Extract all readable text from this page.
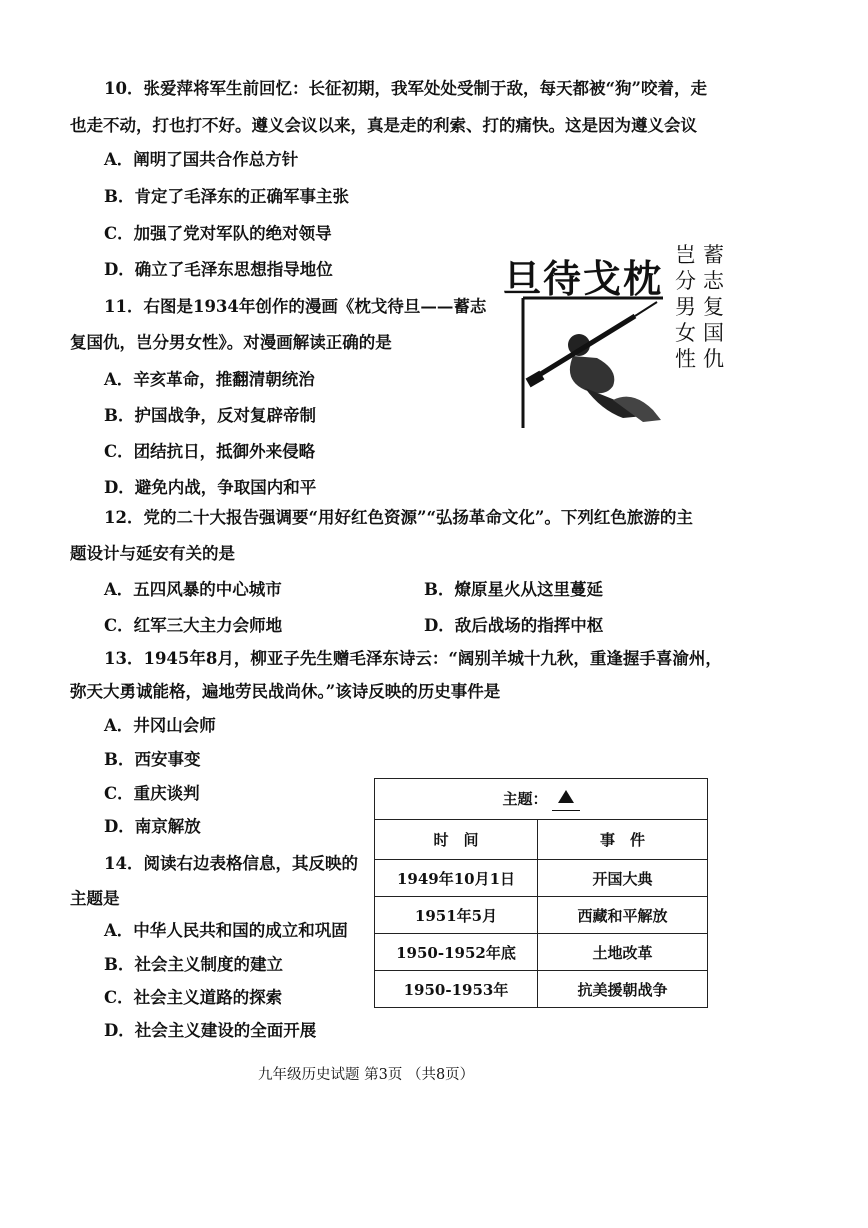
10．张爱萍将军生前回忆：长征初期，我军处处受制于敌，每天都被“狗”咬着，走
也走不动，打也打不好。遵义会议以来，真是走的利索、打的痛快。这是因为遵义会议
A．阐明了国共合作总方针
B．肯定了毛泽东的正确军事主张
C．加强了党对军队的绝对领导
D．确立了毛泽东思想指导地位
11．右图是1934年创作的漫画《枕戈待旦——蓄志
复国仇，岂分男女性》。对漫画解读正确的是
A．辛亥革命，推翻清朝统治
B．护国战争，反对复辟帝制
C．团结抗日，抵御外来侵略
D．避免内战，争取国内和平
旦待戈枕
蓄志复国仇
岂分男女性
12．党的二十大报告强调要“用好红色资源”“弘扬革命文化”。下列红色旅游的主
题设计与延安有关的是
A．五四风暴的中心城市	B．燎原星火从这里蔓延
C．红军三大主力会师地	D．敌后战场的指挥中枢
13．1945年8月，柳亚子先生赠毛泽东诗云：“阔别羊城十九秋，重逢握手喜渝州，
弥天大勇诚能格，遍地劳民战尚休。”该诗反映的历史事件是
A．井冈山会师
B．西安事变
C．重庆谈判
D．南京解放
14．阅读右边表格信息，其反映的
主题是
A．中华人民共和国的成立和巩固
B．社会主义制度的建立
C．社会主义道路的探索
D．社会主义建设的全面开展
主题：	
时　间	事　件
1949年10月1日	开国大典
1951年5月	西藏和平解放
1950-1952年底	土地改革
1950-1953年	抗美援朝战争
九年级历史试题 第3页 （共8页）
